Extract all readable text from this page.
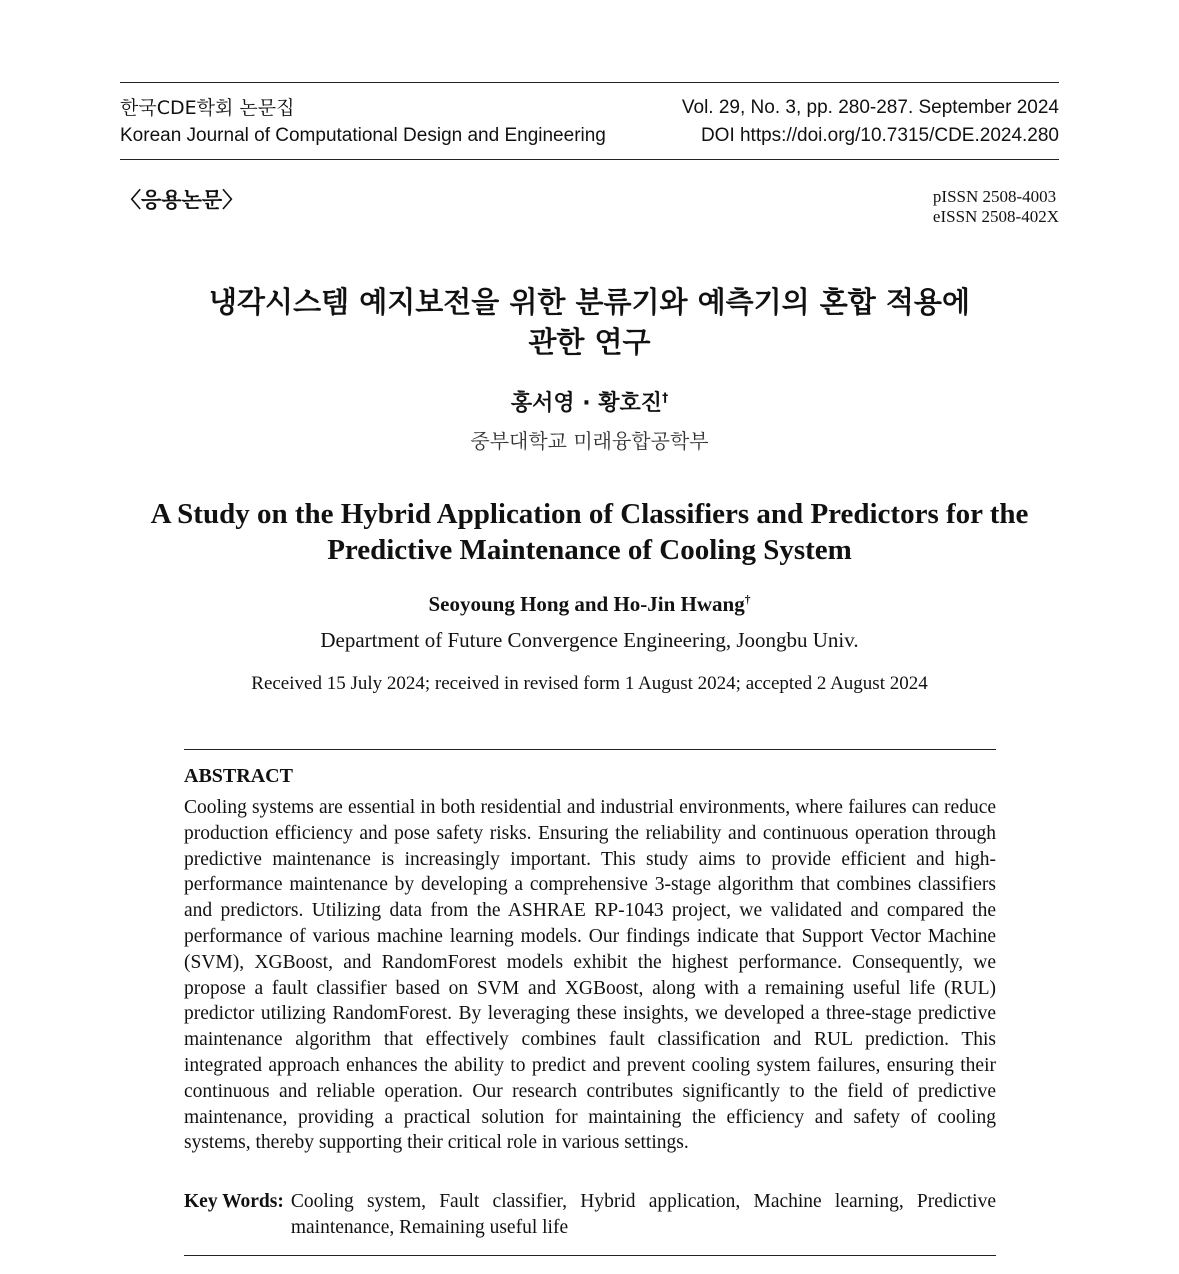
한국CDE학회 논문집
Korean Journal of Computational Design and Engineering
Vol. 29, No. 3, pp. 280-287. September 2024
DOI https://doi.org/10.7315/CDE.2024.280
〈응용논문〉	pISSN 2508-4003
eISSN 2508-402X
냉각시스템 예지보전을 위한 분류기와 예측기의 혼합 적용에
관한 연구
홍서영 · 황호진†
중부대학교 미래융합공학부
A Study on the Hybrid Application of Classifiers and Predictors for the
Predictive Maintenance of Cooling System
Seoyoung Hong and Ho-Jin Hwang†
Department of Future Convergence Engineering, Joongbu Univ.
Received 15 July 2024; received in revised form 1 August 2024; accepted 2 August 2024
ABSTRACT

Cooling systems are essential in both residential and industrial environments, where failures can reduce production efficiency and pose safety risks. Ensuring the reliability and continuous operation through predictive maintenance is increasingly important. This study aims to provide efficient and high-performance maintenance by developing a comprehensive 3-stage algorithm that combines classifiers and predictors. Utilizing data from the ASHRAE RP-1043 project, we validated and compared the performance of various machine learning models. Our findings indicate that Support Vector Machine (SVM), XGBoost, and RandomForest models exhibit the highest performance. Consequently, we propose a fault classifier based on SVM and XGBoost, along with a remaining useful life (RUL) predictor utilizing RandomForest. By leveraging these insights, we developed a three-stage predictive maintenance algorithm that effectively combines fault classification and RUL prediction. This integrated approach enhances the ability to predict and prevent cooling system failures, ensuring their continuous and reliable operation. Our research contributes significantly to the field of predictive maintenance, providing a practical solution for maintaining the efficiency and safety of cooling systems, thereby supporting their critical role in various settings.

Key Words: Cooling system, Fault classifier, Hybrid application, Machine learning, Predictive maintenance, Remaining useful life
